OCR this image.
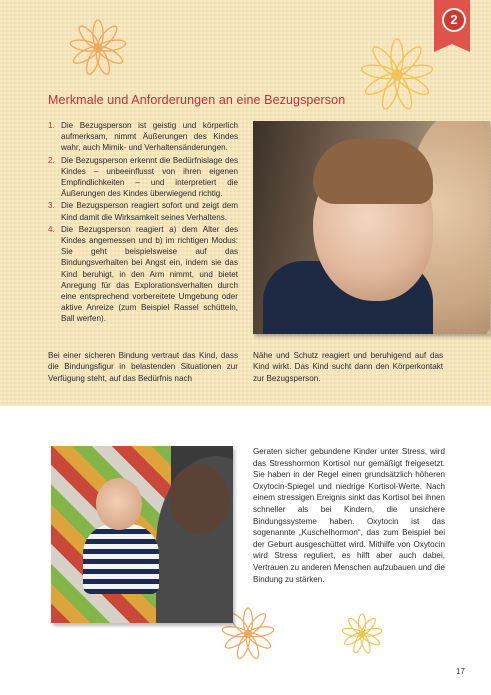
2
Merkmale und Anforderungen an eine Bezugsperson
1. Die Bezugsperson ist geistig und körperlich aufmerksam, nimmt Äußerungen des Kindes wahr, auch Mimik- und Verhaltensänderungen.
2. Die Bezugsperson erkennt die Bedürfnislage des Kindes – unbeeinflusst von ihren eigenen Empfindlichkeiten – und interpretiert die Äußerungen des Kindes überwiegend richtig.
3. Die Bezugsperson reagiert sofort und zeigt dem Kind damit die Wirksamkeit seines Verhaltens.
4. Die Bezugsperson reagiert a) dem Alter des Kindes angemessen und b) im richtigen Modus: Sie geht beispielsweise auf das Bindungsverhalten bei Angst ein, indem sie das Kind beruhigt, in den Arm nimmt, und bietet Anregung für das Explorationsverhalten durch eine entsprechend vorbereitete Umgebung oder aktive Anreize (zum Beispiel Rassel schütteln, Ball werfen).

Bei einer sicheren Bindung vertraut das Kind, dass die Bindungsfigur in belastenden Situationen zur Verfügung steht, auf das Bedürfnis nach

Nähe und Schutz reagiert und beruhigend auf das Kind wirkt. Das Kind sucht dann den Körperkontakt zur Bezugsperson.

Geraten sicher gebundene Kinder unter Stress, wird das Stresshormon Kortisol nur gemäßigt freigesetzt. Sie haben in der Regel einen grundsätzlich höheren Oxytocin-Spiegel und niedrige Kortisol-Werte. Nach einem stressigen Ereignis sinkt das Kortisol bei ihnen schneller als bei Kindern, die unsichere Bindungssysteme haben. Oxytocin ist das sogenannte „Kuschelhormon“, das zum Beispiel bei der Geburt ausgeschüttet wird. Mithilfe von Oxytocin wird Stress reguliert, es hilft aber auch dabei, Vertrauen zu anderen Menschen aufzubauen und die Bindung zu stärken.

17
